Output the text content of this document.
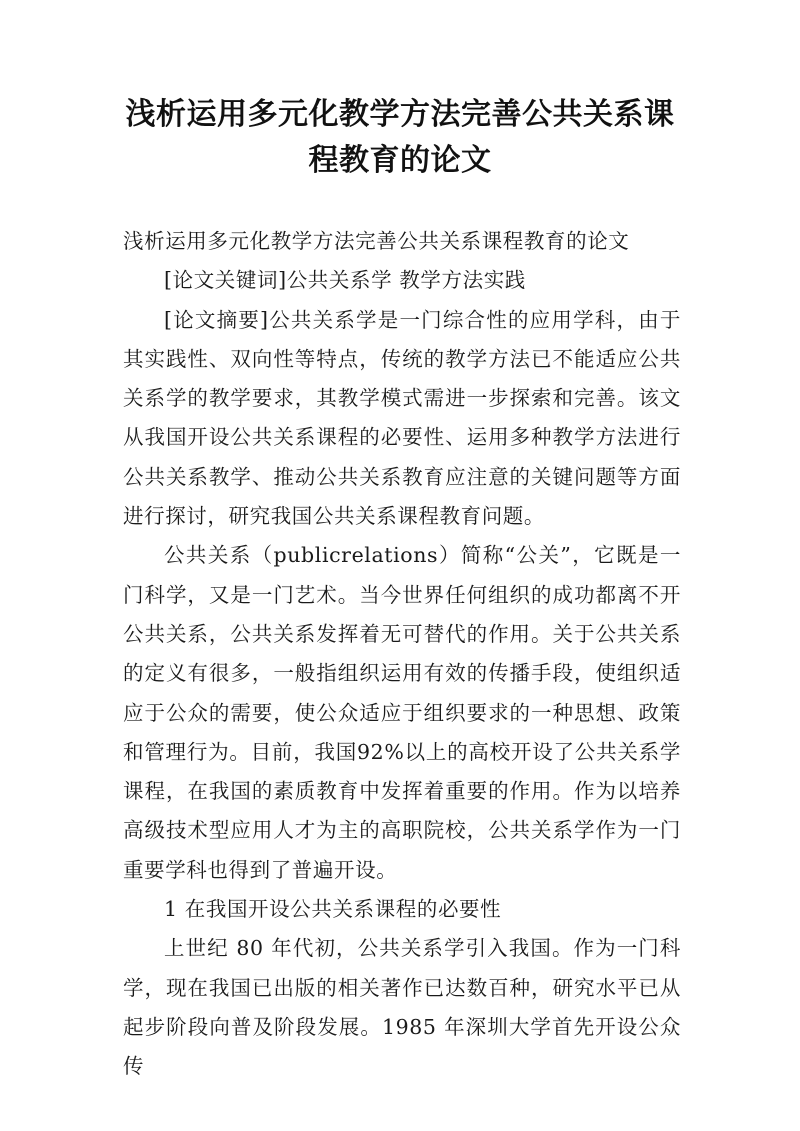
浅析运用多元化教学方法完善公共关系课
程教育的论文

浅析运用多元化教学方法完善公共关系课程教育的论文

[论文关键词]公共关系学 教学方法实践

[论文摘要]公共关系学是一门综合性的应用学科，由于其实践性、双向性等特点，传统的教学方法已不能适应公共关系学的教学要求，其教学模式需进一步探索和完善。该文从我国开设公共关系课程的必要性、运用多种教学方法进行公共关系教学、推动公共关系教育应注意的关键问题等方面进行探讨，研究我国公共关系课程教育问题。

公共关系（publicrelations）简称“公关”，它既是一门科学，又是一门艺术。当今世界任何组织的成功都离不开公共关系，公共关系发挥着无可替代的作用。关于公共关系的定义有很多，一般指组织运用有效的传播手段，使组织适应于公众的需要，使公众适应于组织要求的一种思想、政策和管理行为。目前，我国92%以上的高校开设了公共关系学课程，在我国的素质教育中发挥着重要的作用。作为以培养高级技术型应用人才为主的高职院校，公共关系学作为一门重要学科也得到了普遍开设。

1 在我国开设公共关系课程的必要性

上世纪 80 年代初，公共关系学引入我国。作为一门科学，现在我国已出版的相关著作已达数百种，研究水平已从起步阶段向普及阶段发展。1985 年深圳大学首先开设公众传
